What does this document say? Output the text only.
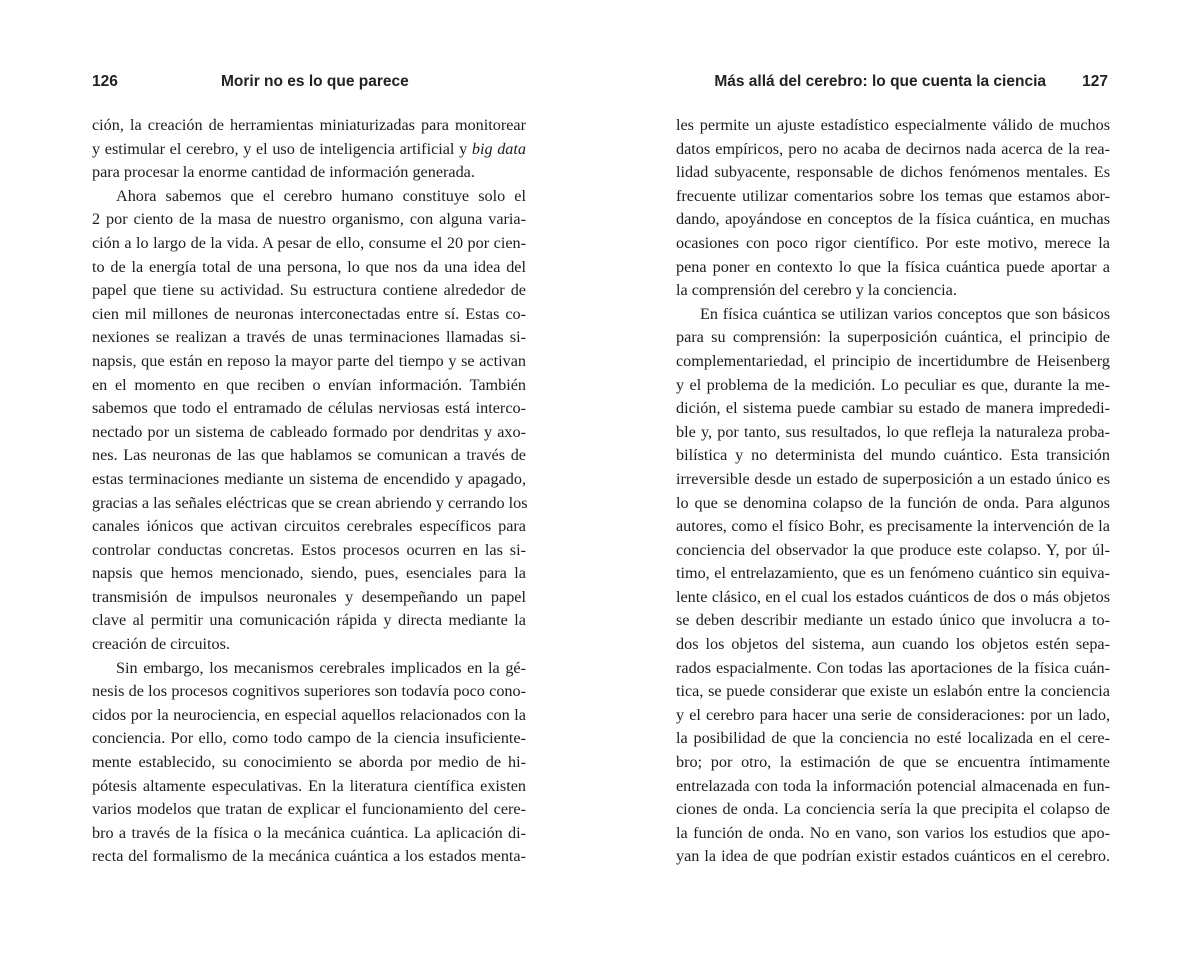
126	Morir no es lo que parece
ción, la creación de herramientas miniaturizadas para monitorear
y estimular el cerebro, y el uso de inteligencia artificial y big data
para procesar la enorme cantidad de información generada.
Ahora sabemos que el cerebro humano constituye solo el
2 por ciento de la masa de nuestro organismo, con alguna varia-
ción a lo largo de la vida. A pesar de ello, consume el 20 por cien-
to de la energía total de una persona, lo que nos da una idea del
papel que tiene su actividad. Su estructura contiene alrededor de
cien mil millones de neuronas interconectadas entre sí. Estas co-
nexiones se realizan a través de unas terminaciones llamadas si-
napsis, que están en reposo la mayor parte del tiempo y se activan
en el momento en que reciben o envían información. También
sabemos que todo el entramado de células nerviosas está interco-
nectado por un sistema de cableado formado por dendritas y axo-
nes. Las neuronas de las que hablamos se comunican a través de
estas terminaciones mediante un sistema de encendido y apagado,
gracias a las señales eléctricas que se crean abriendo y cerrando los
canales iónicos que activan circuitos cerebrales específicos para
controlar conductas concretas. Estos procesos ocurren en las si-
napsis que hemos mencionado, siendo, pues, esenciales para la
transmisión de impulsos neuronales y desempeñando un papel
clave al permitir una comunicación rápida y directa mediante la
creación de circuitos.
Sin embargo, los mecanismos cerebrales implicados en la gé-
nesis de los procesos cognitivos superiores son todavía poco cono-
cidos por la neurociencia, en especial aquellos relacionados con la
conciencia. Por ello, como todo campo de la ciencia insuficiente-
mente establecido, su conocimiento se aborda por medio de hi-
pótesis altamente especulativas. En la literatura científica existen
varios modelos que tratan de explicar el funcionamiento del cere-
bro a través de la física o la mecánica cuántica. La aplicación di-
recta del formalismo de la mecánica cuántica a los estados menta-
Más allá del cerebro: lo que cuenta la ciencia 127
les permite un ajuste estadístico especialmente válido de muchos
datos empíricos, pero no acaba de decirnos nada acerca de la rea-
lidad subyacente, responsable de dichos fenómenos mentales. Es
frecuente utilizar comentarios sobre los temas que estamos abor-
dando, apoyándose en conceptos de la física cuántica, en muchas
ocasiones con poco rigor científico. Por este motivo, merece la
pena poner en contexto lo que la física cuántica puede aportar a
la comprensión del cerebro y la conciencia.
En física cuántica se utilizan varios conceptos que son básicos
para su comprensión: la superposición cuántica, el principio de
complementariedad, el principio de incertidumbre de Heisenberg
y el problema de la medición. Lo peculiar es que, durante la me-
dición, el sistema puede cambiar su estado de manera imprededi-
ble y, por tanto, sus resultados, lo que refleja la naturaleza proba-
bilística y no determinista del mundo cuántico. Esta transición
irreversible desde un estado de superposición a un estado único es
lo que se denomina colapso de la función de onda. Para algunos
autores, como el físico Bohr, es precisamente la intervención de la
conciencia del observador la que produce este colapso. Y, por úl-
timo, el entrelazamiento, que es un fenómeno cuántico sin equiva-
lente clásico, en el cual los estados cuánticos de dos o más objetos
se deben describir mediante un estado único que involucra a to-
dos los objetos del sistema, aun cuando los objetos estén sepa-
rados espacialmente. Con todas las aportaciones de la física cuán-
tica, se puede considerar que existe un eslabón entre la conciencia
y el cerebro para hacer una serie de consideraciones: por un lado,
la posibilidad de que la conciencia no esté localizada en el cere-
bro; por otro, la estimación de que se encuentra íntimamente
entrelazada con toda la información potencial almacenada en fun-
ciones de onda. La conciencia sería la que precipita el colapso de
la función de onda. No en vano, son varios los estudios que apo-
yan la idea de que podrían existir estados cuánticos en el cerebro.
